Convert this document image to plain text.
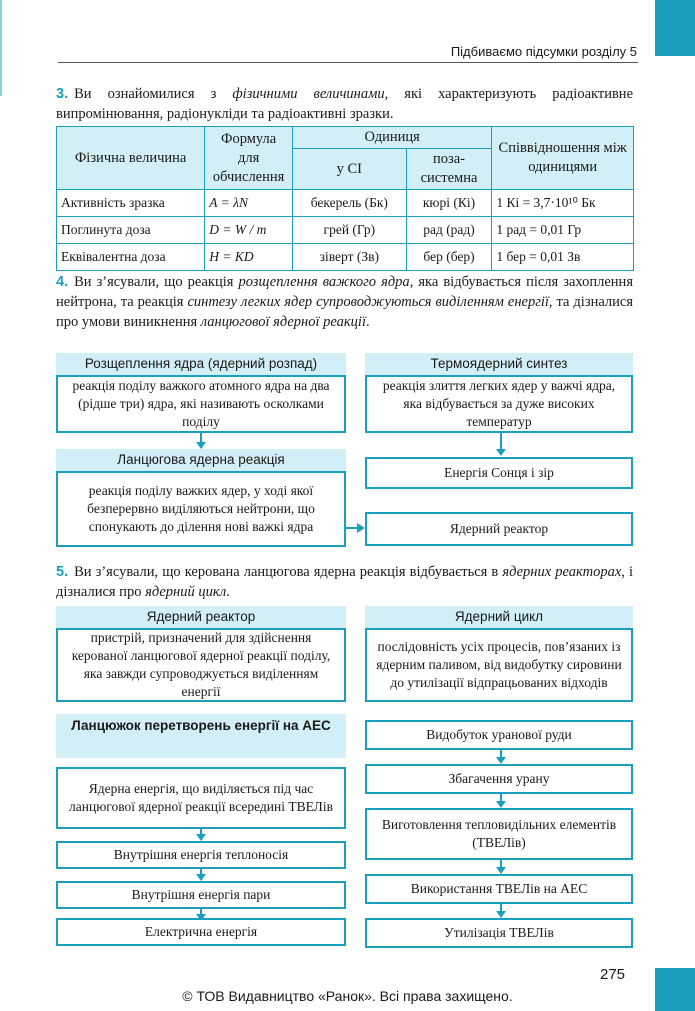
Підбиваємо підсумки розділу 5
3. Ви ознайомилися з фізичними величинами, які характеризують радіоактивне випромінювання, радіонукліди та радіоактивні зразки.
Фізична величина	Формула для обчислення	Одиниця		Співвідношення між одиницями
		у СІ	поза-системна	
Активність зразка	A = λN	бекерель (Бк)	кюрі (Кі)	1 Кі = 3,7·10¹⁰ Бк
Поглинута доза	D = W / m	грей (Гр)	рад (рад)	1 рад = 0,01 Гр
Еквівалентна доза	H = KD	зіверт (Зв)	бер (бер)	1 бер = 0,01 Зв
4. Ви з’ясували, що реакція розщеплення важкого ядра, яка відбувається після захоплення нейтрона, та реакція синтезу легких ядер супроводжуються виділенням енергії, та дізналися про умови виникнення ланцюгової ядерної реакції.
Розщеплення ядра (ядерний розпад)
реакція поділу важкого атомного ядра на два (рідше три) ядра, які називають осколками поділу
Термоядерний синтез
реакція злиття легких ядер у важчі ядра, яка відбувається за дуже високих температур
Ланцюгова ядерна реакція
реакція поділу важких ядер, у ході якої безперервно виділяються нейтрони, що спонукають до ділення нові важкі ядра
Енергія Сонця і зір
Ядерний реактор
5. Ви з’ясували, що керована ланцюгова ядерна реакція відбувається в ядерних реакторах, і дізналися про ядерний цикл.
Ядерний реактор
пристрій, призначений для здійснення керованої ланцюгової ядерної реакції поділу, яка завжди супроводжується виділенням енергії
Ядерний цикл
послідовність усіх процесів, пов’язаних із ядерним паливом, від видобутку сировини до утилізації відпрацьованих відходів
Ланцюжок перетворень енергії на АЕС
Ядерна енергія, що виділяється під час ланцюгової ядерної реакції всередині ТВЕЛів
Внутрішня енергія теплоносія
Внутрішня енергія пари
Електрична енергія
Видобуток уранової руди
Збагачення урану
Виготовлення тепловидільних елементів (ТВЕЛів)
Використання ТВЕЛів на АЕС
Утилізація ТВЕЛів
275
© ТОВ Видавництво «Ранок». Всі права захищено.
